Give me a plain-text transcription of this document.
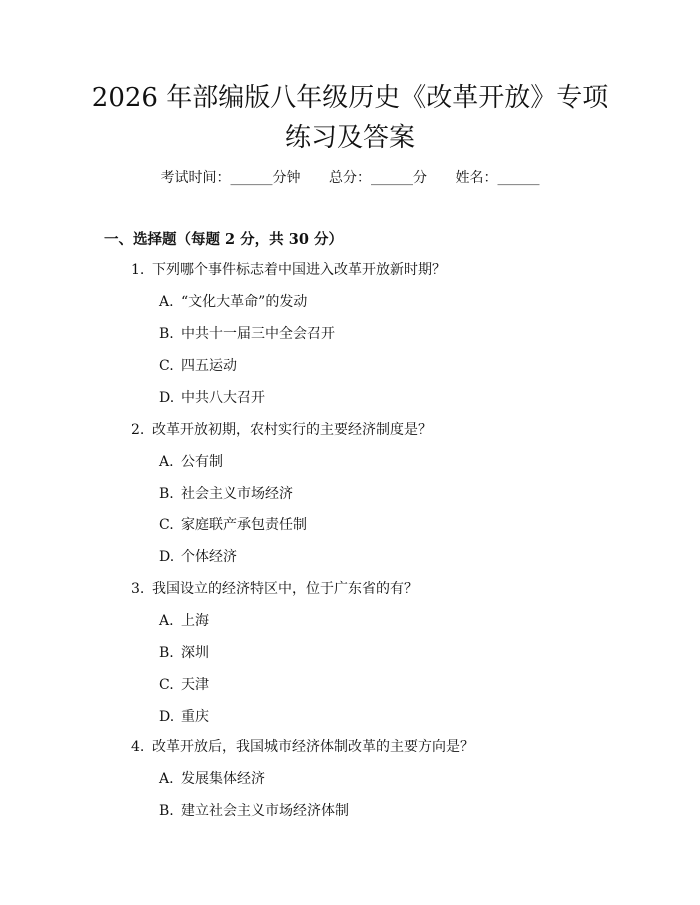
2026 年部编版八年级历史《改革开放》专项
练习及答案
考试时间：______分钟 总分：______分 姓名：______
一、选择题（每题 2 分，共 30 分）
1. 下列哪个事件标志着中国进入改革开放新时期？
A. “文化大革命”的发动
B. 中共十一届三中全会召开
C. 四五运动
D. 中共八大召开
2. 改革开放初期，农村实行的主要经济制度是？
A. 公有制
B. 社会主义市场经济
C. 家庭联产承包责任制
D. 个体经济
3. 我国设立的经济特区中，位于广东省的有？
A. 上海
B. 深圳
C. 天津
D. 重庆
4. 改革开放后，我国城市经济体制改革的主要方向是？
A. 发展集体经济
B. 建立社会主义市场经济体制
